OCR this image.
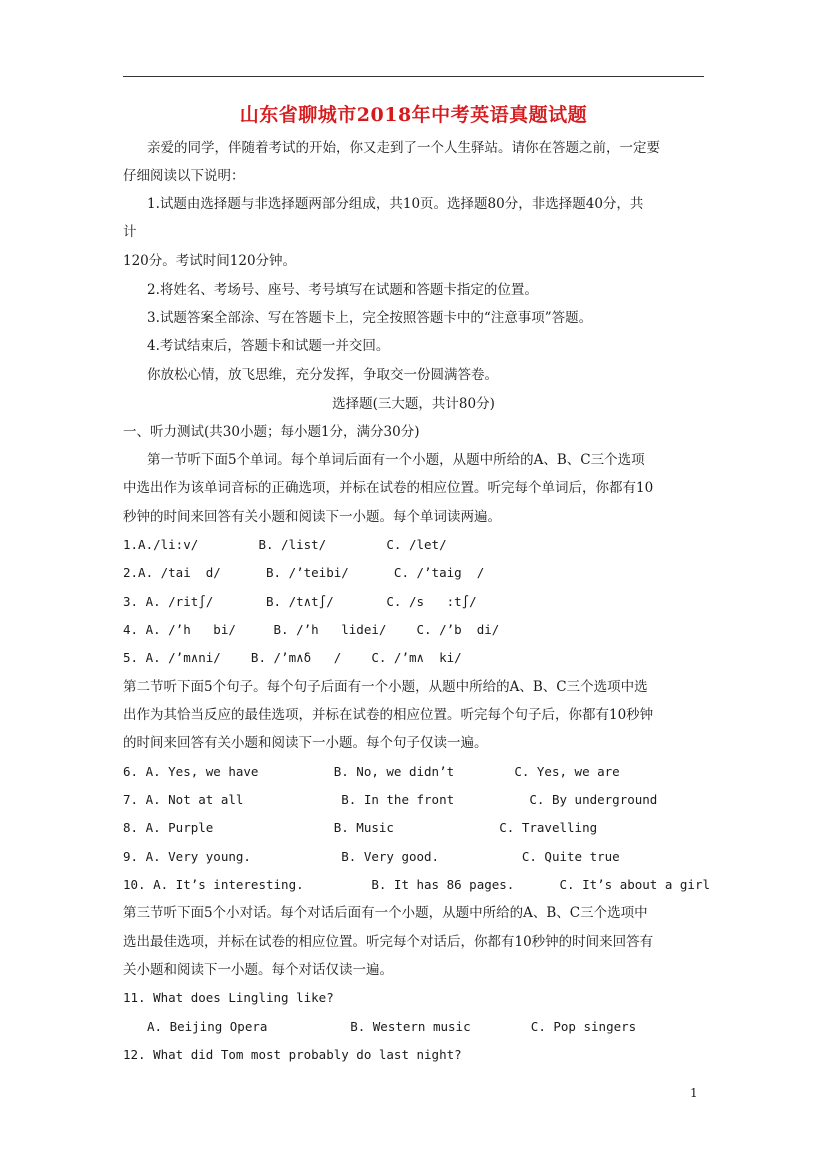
山东省聊城市2018年中考英语真题试题
亲爱的同学，伴随着考试的开始，你又走到了一个人生驿站。请你在答题之前，一定要
仔细阅读以下说明：
1.试题由选择题与非选择题两部分组成，共10页。选择题80分，非选择题40分，共
计
120分。考试时间120分钟。
2.将姓名、考场号、座号、考号填写在试题和答题卡指定的位置。
3.试题答案全部涂、写在答题卡上，完全按照答题卡中的“注意事项”答题。
4.考试结束后，答题卡和试题一并交回。
你放松心情，放飞思维，充分发挥，争取交一份圆满答卷。
选择题(三大题，共计80分)
一、听力测试(共30小题；每小题1分，满分30分)
第一节听下面5个单词。每个单词后面有一个小题，从题中所给的A、B、C三个选项
中选出作为该单词音标的正确选项，并标在试卷的相应位置。听完每个单词后，你都有10
秒钟的时间来回答有关小题和阅读下一小题。每个单词读两遍。
1.A./li:v/        B. /list/        C. /let/
2.A. /tai  d/      B. /’teibi/      C. /’taig  /
3. A. /rit∫/       B. /t∧t∫/       C. /s   :t∫/
4. A. /’h   bi/     B. /’h   lidei/    C. /’b  di/
5. A. /’m∧ni/    B. /’m∧δ   /    C. /’m∧  ki/
第二节听下面5个句子。每个句子后面有一个小题，从题中所给的A、B、C三个选项中选
出作为其恰当反应的最佳选项，并标在试卷的相应位置。听完每个句子后，你都有10秒钟
的时间来回答有关小题和阅读下一小题。每个句子仅读一遍。
6. A. Yes, we have          B. No, we didn’t        C. Yes, we are
7. A. Not at all             B. In the front          C. By underground
8. A. Purple                B. Music              C. Travelling
9. A. Very young.            B. Very good.           C. Quite true
10. A. It’s interesting.         B. It has 86 pages.      C. It’s about a girl
第三节听下面5个小对话。每个对话后面有一个小题，从题中所给的A、B、C三个选项中
选出最佳选项，并标在试卷的相应位置。听完每个对话后，你都有10秒钟的时间来回答有
关小题和阅读下一小题。每个对话仅读一遍。
11. What does Lingling like?
A. Beijing Opera           B. Western music        C. Pop singers
12. What did Tom most probably do last night?
1
